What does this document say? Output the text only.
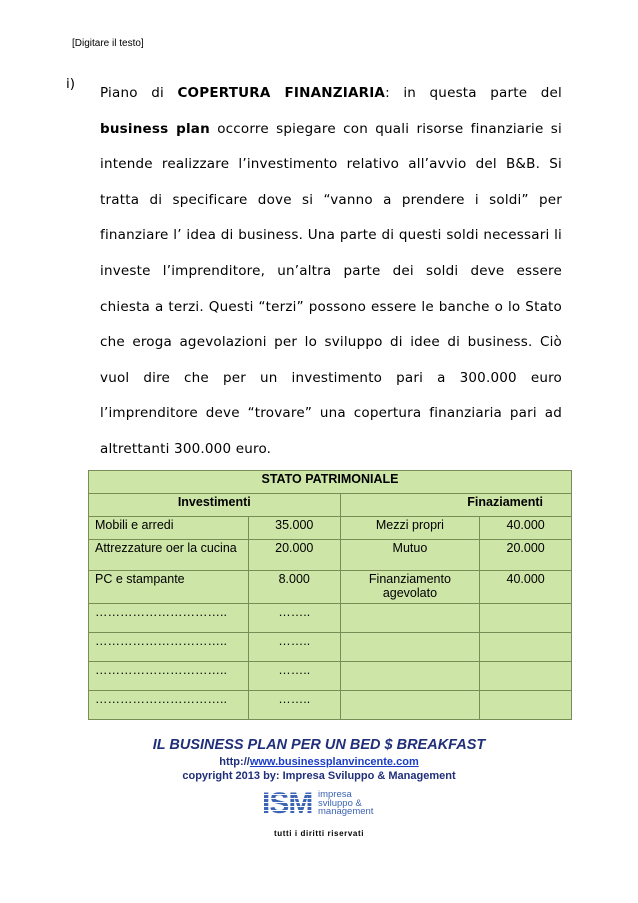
[Digitare il testo]
i)
Piano di COPERTURA FINANZIARIA: in questa parte del business plan occorre spiegare con quali risorse finanziarie si intende realizzare l’investimento relativo all’avvio del B&B. Si tratta di specificare dove si “vanno a prendere i soldi” per finanziare l’ idea di business. Una parte di questi soldi necessari li investe l’imprenditore, un’altra parte dei soldi deve essere chiesta a terzi. Questi “terzi” possono essere le banche o lo Stato che eroga agevolazioni per lo sviluppo di idee di business. Ciò vuol dire che per un investimento pari a 300.000 euro l’imprenditore deve “trovare” una copertura finanziaria pari ad altrettanti 300.000 euro.
STATO PATRIMONIALE			
Investimenti		Finaziamenti	
Mobili e arredi	35.000	Mezzi propri	40.000
Attrezzature oer la cucina	20.000	Mutuo	20.000
PC e stampante	8.000	Finanziamento agevolato	40.000
…………………………..	……..		
…………………………..	……..		
…………………………..	……..		
…………………………..	……..		
IL BUSINESS PLAN PER UN BED $ BREAKFAST
http://www.businessplanvincente.com
copyright 2013 by: Impresa Sviluppo & Management
ISM impresa
sviluppo &
management
tutti i diritti riservati
